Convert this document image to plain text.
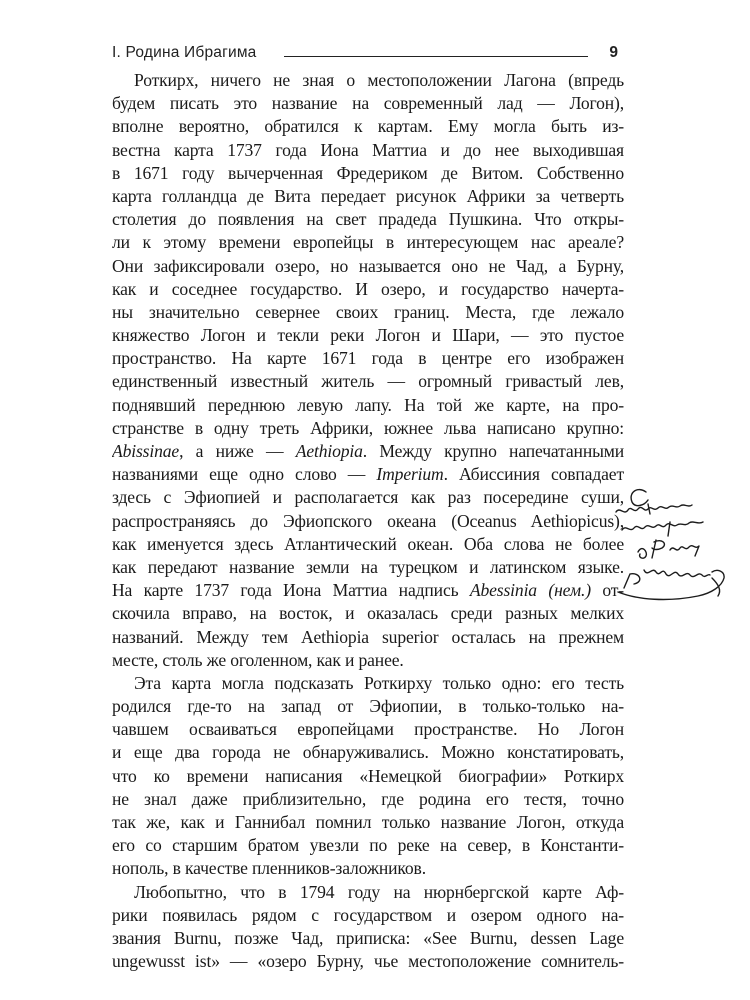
I. Родина Ибрагима	9
Роткирх, ничего не зная о местоположении Лагона (впредь
будем писать это название на современный лад — Логон),
вполне вероятно, обратился к картам. Ему могла быть из-
вестна карта 1737 года Иона Маттиа и до нее выходившая
в 1671 году вычерченная Фредериком де Витом. Собственно
карта голландца де Вита передает рисунок Африки за четверть
столетия до появления на свет прадеда Пушкина. Что откры-
ли к этому времени европейцы в интересующем нас ареале?
Они зафиксировали озеро, но называется оно не Чад, а Бурну,
как и соседнее государство. И озеро, и государство начерта-
ны значительно севернее своих границ. Места, где лежало
княжество Логон и текли реки Логон и Шари, — это пустое
пространство. На карте 1671 года в центре его изображен
единственный известный житель — огромный гривастый лев,
поднявший переднюю левую лапу. На той же карте, на про-
странстве в одну треть Африки, южнее льва написано крупно:
Abissinae, а ниже — Aethiopia. Между крупно напечатанными
названиями еще одно слово — Imperium. Абиссиния совпадает
здесь с Эфиопией и располагается как раз посередине суши,
распространяясь до Эфиопского океана (Oceanus Aethiopicus),
как именуется здесь Атлантический океан. Оба слова не более
как передают название земли на турецком и латинском языке.
На карте 1737 года Иона Маттиа надпись Abessinia (нем.) от-
скочила вправо, на восток, и оказалась среди разных мелких
названий. Между тем Aethiopia superior осталась на прежнем
месте, столь же оголенном, как и ранее.
Эта карта могла подсказать Роткирху только одно: его тесть
родился где-то на запад от Эфиопии, в только-только на-
чавшем осваиваться европейцами пространстве. Но Логон
и еще два города не обнаруживались. Можно констатировать,
что ко времени написания «Немецкой биографии» Роткирх
не знал даже приблизительно, где родина его тестя, точно
так же, как и Ганнибал помнил только название Логон, откуда
его со старшим братом увезли по реке на север, в Константи-
нополь, в качестве пленников-заложников.
Любопытно, что в 1794 году на нюрнбергской карте Аф-
рики появилась рядом с государством и озером одного на-
звания Burnu, позже Чад, приписка: «See Burnu, dessen Lage
ungewusst ist» — «озеро Бурну, чье местоположение сомнитель-
